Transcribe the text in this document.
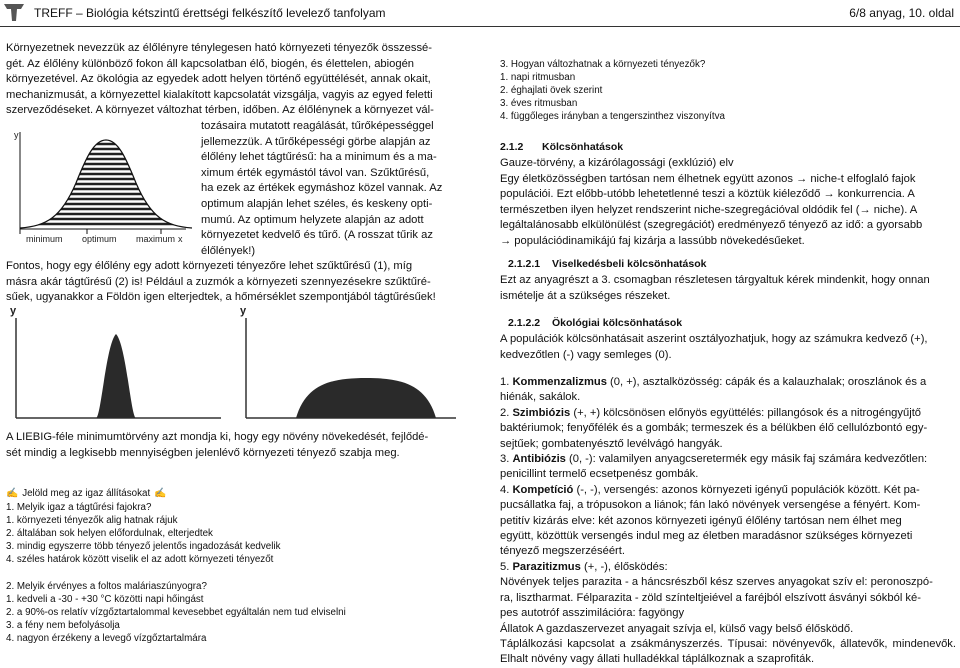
TREFF – Biológia kétszintű érettségi felkészítő levelező tanfolyam	6/8 anyag, 10. oldal
Környezetnek nevezzük az élőlényre ténylegesen ható környezeti tényezők összessé-
gét. Az élőlény különböző fokon áll kapcsolatban élő, biogén, és élettelen, abiogén
környezetével. Az ökológia az egyedek adott helyen történő együttélését, annak okait,
mechanizmusát, a környezettel kialakított kapcsolatát vizsgálja, vagyis az egyed feletti
szerveződéseket. A környezet változhat térben, időben. Az élőlénynek a környezet vál-
tozásaira mutatott reagálását, tűrőképességgel
jellemezzük. A tűrőképességi görbe alapján az
élőlény lehet tágtűrésű: ha a minimum és a ma-
ximum érték egymástól távol van. Szűktűrésű,
ha ezek az értékek egymáshoz közel vannak. Az
optimum alapján lehet széles, és keskeny opti-
mumú. Az optimum helyzete alapján az adott
környezetet kedvelő és tűrő. (A rosszat tűrik az
élőlények!)
y
x
minimum optimum maximum
Fontos, hogy egy élőlény egy adott környezeti tényezőre lehet szűktűrésű (1), míg
másra akár tágtűrésű (2) is! Például a zuzmók a környezeti szennyezésekre szűktűré-
sűek, ugyanakkor a Földön igen elterjedtek, a hőmérséklet szempontjából tágtűrésűek!
y	y
A LIEBIG-féle minimumtörvény azt mondja ki, hogy egy növény növekedését, fejlődé-
sét mindig a legkisebb mennyiségben jelenlévő környezeti tényező szabja meg.
✍ Jelöld meg az igaz állításokat ✍
1. Melyik igaz a tágtűrési fajokra?
1. környezeti tényezők alig hatnak rájuk
2. általában sok helyen előfordulnak, elterjedtek
3. mindig egyszerre több tényező jelentős ingadozását kedvelik
4. széles határok között viselik el az adott környezeti tényezőt
2. Melyik érvényes a foltos maláriaszúnyogra?
1. kedveli a -30 - +30 °C közötti napi hőingást
2. a 90%-os relatív vízgőztartalommal kevesebbet egyáltalán nem tud elviselni
3. a fény nem befolyásolja
4. nagyon érzékeny a levegő vízgőztartalmára
3. Hogyan változhatnak a környezeti tényezők?
1. napi ritmusban
2. éghajlati övek szerint
3. éves ritmusban
4. függőleges irányban a tengerszinthez viszonyítva
2.1.2 Kölcsönhatások
Gauze-törvény, a kizárólagossági (exklúzió) elv
Egy életközösségben tartósan nem élhetnek együtt azonos → niche-t elfoglaló fajok
populációi. Ezt előbb-utóbb lehetetlenné teszi a köztük kiéleződő → konkurrencia. A
természetben ilyen helyzet rendszerint niche-szegregációval oldódik fel (→ niche). A
legáltalánosabb elkülönülést (szegregációt) eredményező tényező az idő: a gyorsabb
→ populációdinamikájú faj kizárja a lassúbb növekedésűeket.
2.1.2.1 Viselkedésbeli kölcsönhatások
Ezt az anyagrészt a 3. csomagban részletesen tárgyaltuk kérek mindenkit, hogy onnan
ismételje át a szükséges részeket.
2.1.2.2 Ökológiai kölcsönhatások
A populációk kölcsönhatásait aszerint osztályozhatjuk, hogy az számukra kedvező (+),
kedvezőtlen (-) vagy semleges (0).
1. Kommenzalizmus (0, +), asztalközösség: cápák és a kalauzhalak; oroszlánok és a
hiénák, sakálok.
2. Szimbiózis (+, +) kölcsönösen előnyös együttélés: pillangósok és a nitrogéngyűjtő
baktériumok; fenyőfélék és a gombák; termeszek és a bélükben élő cellulózbontó egy-
sejtűek; gombatenyésztő levélvágó hangyák.
3. Antibiózis (0, -): valamilyen anyagcseretermék egy másik faj számára kedvezőtlen:
penicillint termelő ecsetpenész gombák.
4. Kompetíció (-, -), versengés: azonos környezeti igényű populációk között. Két pa-
pucsállatka faj, a trópusokon a liánok; fán lakó növények versengése a fényért. Kom-
petitív kizárás elve: két azonos környezeti igényű élőlény tartósan nem élhet meg
együtt, közöttük versengés indul meg az életben maradásnor szükséges környezeti
tényező megszerzéséért.
5. Parazitizmus (+, -), élősködés:
Növények teljes parazita - a háncsrészből kész szerves anyagokat szív el: peronoszpó-
ra, lisztharmat. Félparazita - zöld színteltjeiével a faréjból elszívott ásványi sókból ké-
pes autotróf asszimilációra: fagyöngy
Állatok A gazdaszervezet anyagait szívja el, külső vagy belső élősködő.
Táplálkozási kapcsolat a zsákmányszerzés. Típusai: növényevők, állatevők, mindenevők. Elhalt növény vagy állati hulladékkal táplálkoznak a szaprofiták.
